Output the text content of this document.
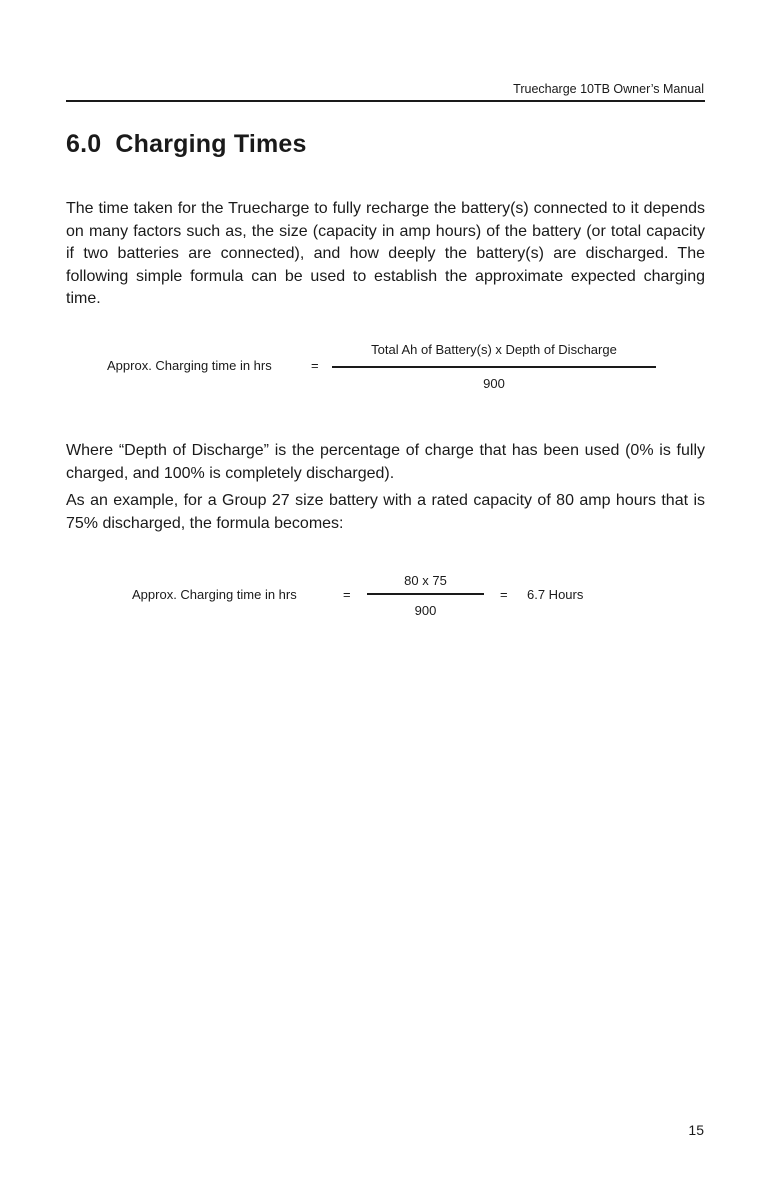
Truecharge 10TB Owner’s Manual
6.0 Charging Times

The time taken for the Truecharge to fully recharge the battery(s) connected to it depends on many factors such as, the size (capacity in amp hours) of the battery (or total capacity if two batteries are connected), and how deeply the battery(s) are discharged. The following simple formula can be used to establish the approximate expected charging time.

Approx. Charging time in hrs	=
Total Ah of Battery(s) x Depth of Discharge
900

Where “Depth of Discharge” is the percentage of charge that has been used (0% is fully charged, and 100% is completely discharged).

As an example, for a Group 27 size battery with a rated capacity of 80 amp hours that is 75% discharged, the formula becomes:

Approx. Charging time in hrs	=
80 x 75
900
= 6.7 Hours
15
